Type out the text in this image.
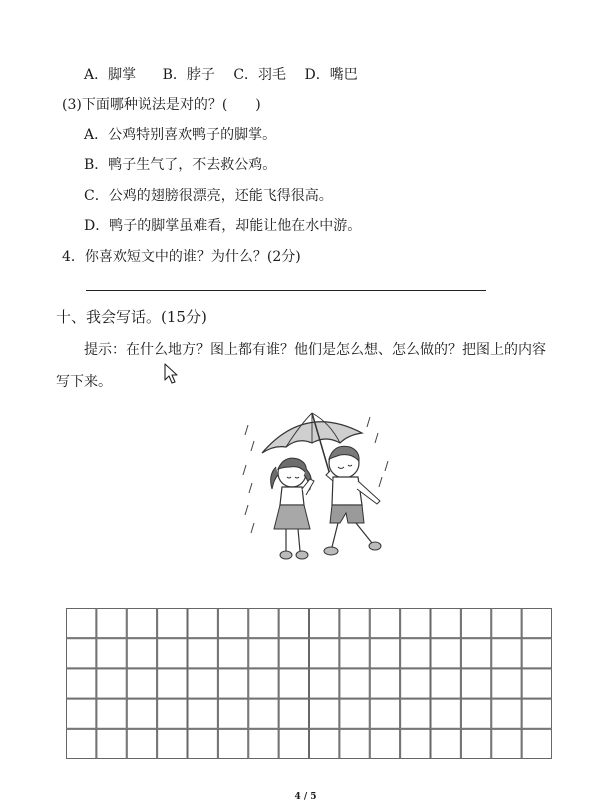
A．脚掌 B．脖子 C．羽毛 D．嘴巴
(3)下面哪种说法是对的？(　　)
A．公鸡特别喜欢鸭子的脚掌。
B．鸭子生气了，不去救公鸡。
C．公鸡的翅膀很漂亮，还能飞得很高。
D．鸭子的脚掌虽难看，却能让他在水中游。
4．你喜欢短文中的谁？为什么？(2分)
十、我会写话。(15分)
提示：在什么地方？图上都有谁？他们是怎么想、怎么做的？把图上的内容
写下来。
4 / 5
